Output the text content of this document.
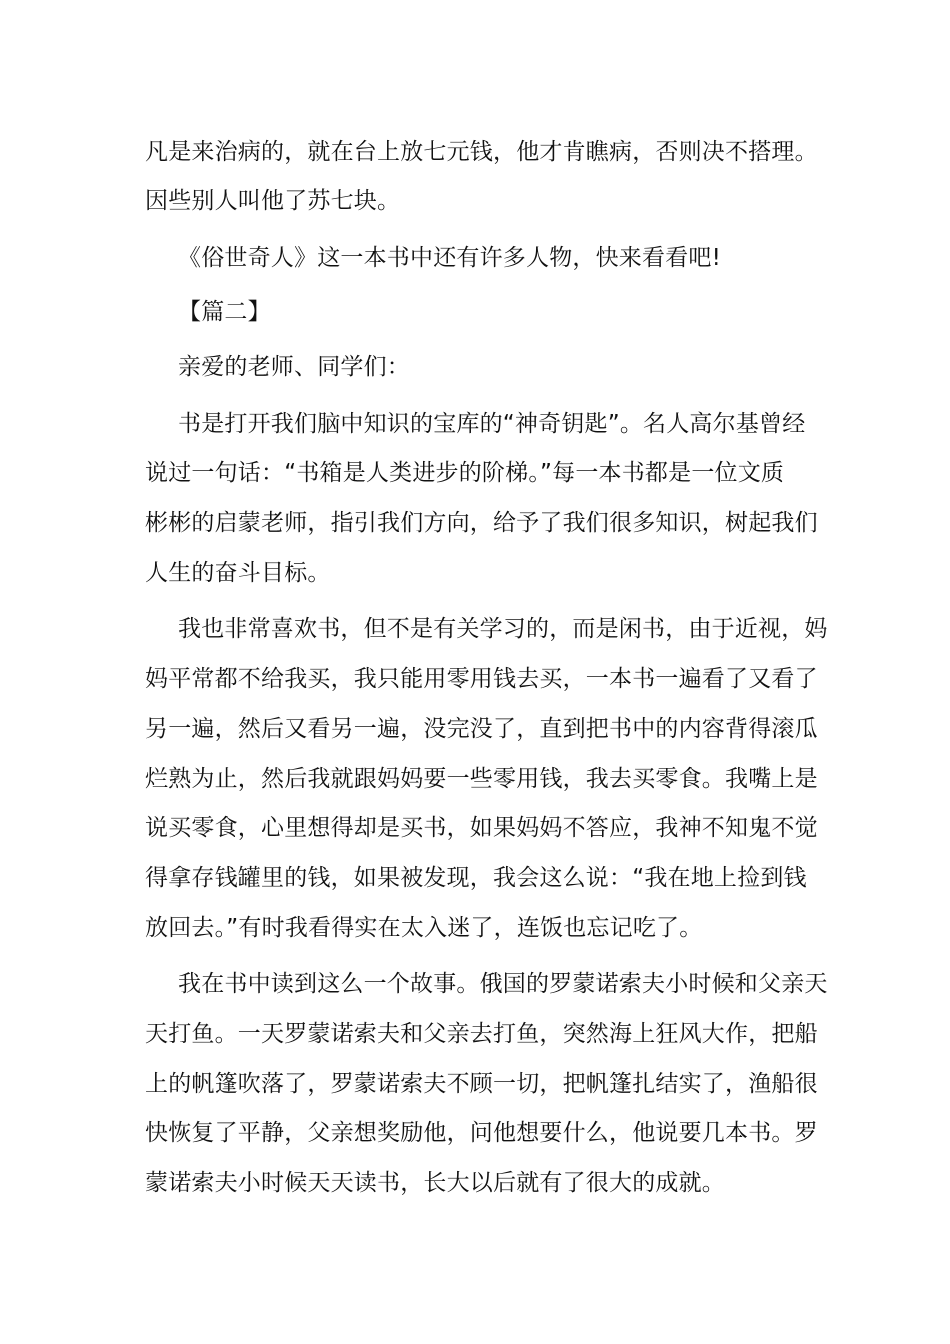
凡是来治病的，就在台上放七元钱，他才肯瞧病，否则决不搭理。
因些别人叫他了苏七块。
《俗世奇人》这一本书中还有许多人物，快来看看吧!
【篇二】
亲爱的老师、同学们：
书是打开我们脑中知识的宝库的“神奇钥匙”。名人高尔基曾经
说过一句话：“书箱是人类进步的阶梯。”每一本书都是一位文质
彬彬的启蒙老师，指引我们方向，给予了我们很多知识，树起我们
人生的奋斗目标。
我也非常喜欢书，但不是有关学习的，而是闲书，由于近视，妈
妈平常都不给我买，我只能用零用钱去买，一本书一遍看了又看了
另一遍，然后又看另一遍，没完没了，直到把书中的内容背得滚瓜
烂熟为止，然后我就跟妈妈要一些零用钱，我去买零食。我嘴上是
说买零食，心里想得却是买书，如果妈妈不答应，我神不知鬼不觉
得拿存钱罐里的钱，如果被发现，我会这么说：“我在地上捡到钱
放回去。”有时我看得实在太入迷了，连饭也忘记吃了。
我在书中读到这么一个故事。俄国的罗蒙诺索夫小时候和父亲天
天打鱼。一天罗蒙诺索夫和父亲去打鱼，突然海上狂风大作，把船
上的帆篷吹落了，罗蒙诺索夫不顾一切，把帆篷扎结实了，渔船很
快恢复了平静，父亲想奖励他，问他想要什么，他说要几本书。罗
蒙诺索夫小时候天天读书，长大以后就有了很大的成就。
